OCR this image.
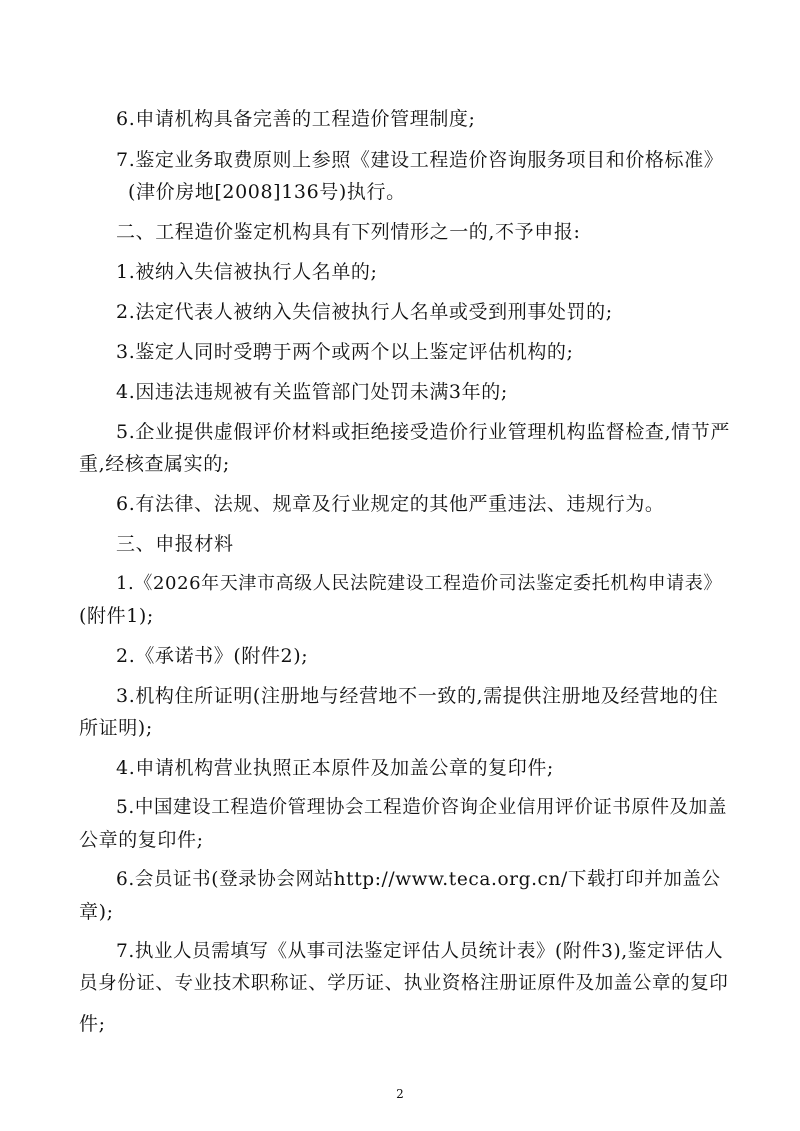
6.申请机构具备完善的工程造价管理制度;
7.鉴定业务取费原则上参照《建设工程造价咨询服务项目和价格标准》
(津价房地[2008]136号)执行。
二、工程造价鉴定机构具有下列情形之一的,不予申报:
1.被纳入失信被执行人名单的;
2.法定代表人被纳入失信被执行人名单或受到刑事处罚的;
3.鉴定人同时受聘于两个或两个以上鉴定评估机构的;
4.因违法违规被有关监管部门处罚未满3年的;
5.企业提供虚假评价材料或拒绝接受造价行业管理机构监督检查,情节严
重,经核查属实的;
6.有法律、法规、规章及行业规定的其他严重违法、违规行为。
三、申报材料
1.《2026年天津市高级人民法院建设工程造价司法鉴定委托机构申请表》
(附件1);
2.《承诺书》(附件2);
3.机构住所证明(注册地与经营地不一致的,需提供注册地及经营地的住
所证明);
4.申请机构营业执照正本原件及加盖公章的复印件;
5.中国建设工程造价管理协会工程造价咨询企业信用评价证书原件及加盖
公章的复印件;
6.会员证书(登录协会网站http://www.teca.org.cn/下载打印并加盖公
章);
7.执业人员需填写《从事司法鉴定评估人员统计表》(附件3),鉴定评估人
员身份证、专业技术职称证、学历证、执业资格注册证原件及加盖公章的复印
件;
2
